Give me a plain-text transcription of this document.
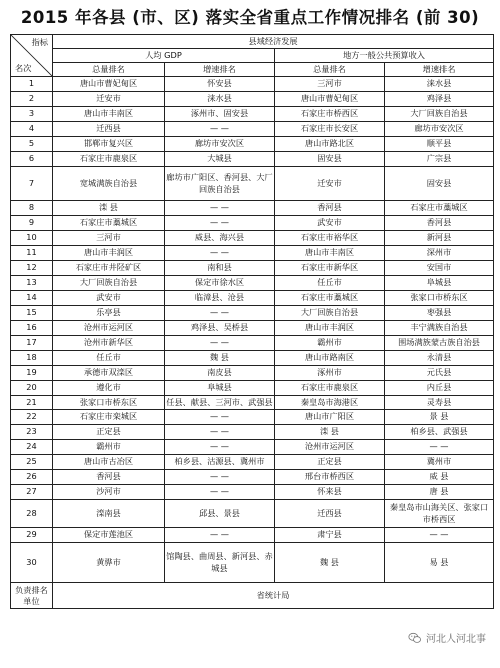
2015 年各县 (市、区) 落实全省重点工作情况排名 (前 30)
指标
名次	县域经济发展			
	人均 GDP		地方一般公共预算收入	
	总量排名	增速排名	总量排名	增速排名
1	唐山市曹妃甸区	怀安县	三河市	涞水县
2	迁安市	涞水县	唐山市曹妃甸区	鸡泽县
3	唐山市丰南区	涿州市、固安县	石家庄市桥西区	大厂回族自治县
4	迁西县	— —	石家庄市长安区	廊坊市安次区
5	邯郸市复兴区	廊坊市安次区	唐山市路北区	顺平县
6	石家庄市鹿泉区	大城县	固安县	广宗县
7	宽城满族自治县	廊坊市广阳区、香河县、大厂回族自治县	迁安市	固安县
8	滦 县	— —	香河县	石家庄市藁城区
9	石家庄市藁城区	— —	武安市	香河县
10	三河市	威县、海兴县	石家庄市裕华区	新河县
11	唐山市丰润区	— —	唐山市丰南区	深州市
12	石家庄市井陉矿区	南和县	石家庄市新华区	安国市
13	大厂回族自治县	保定市徐水区	任丘市	阜城县
14	武安市	临漳县、沧县	石家庄市藁城区	张家口市桥东区
15	乐亭县	— —	大厂回族自治县	枣强县
16	沧州市运河区	鸡泽县、吴桥县	唐山市丰润区	丰宁满族自治县
17	沧州市新华区	— —	霸州市	围场满族蒙古族自治县
18	任丘市	魏 县	唐山市路南区	永清县
19	承德市双滦区	南皮县	涿州市	元氏县
20	遵化市	阜城县	石家庄市鹿泉区	内丘县
21	张家口市桥东区	任县、献县、三河市、武强县	秦皇岛市海港区	灵寿县
22	石家庄市栾城区	— —	唐山市广阳区	景 县
23	正定县	— —	滦 县	柏乡县、武强县
24	霸州市	— —	沧州市运河区	— —
25	唐山市古冶区	柏乡县、沽源县、冀州市	正定县	冀州市
26	香河县	— —	邢台市桥西区	威 县
27	沙河市	— —	怀来县	唐 县
28	滦南县	邱县、景县	迁西县	秦皇岛市山海关区、张家口市桥西区
29	保定市莲池区	— —	肃宁县	— —
30	黄骅市	馆陶县、曲周县、新河县、赤城县	魏 县	易 县
负责排名单位	省统计局			
河北人河北事
